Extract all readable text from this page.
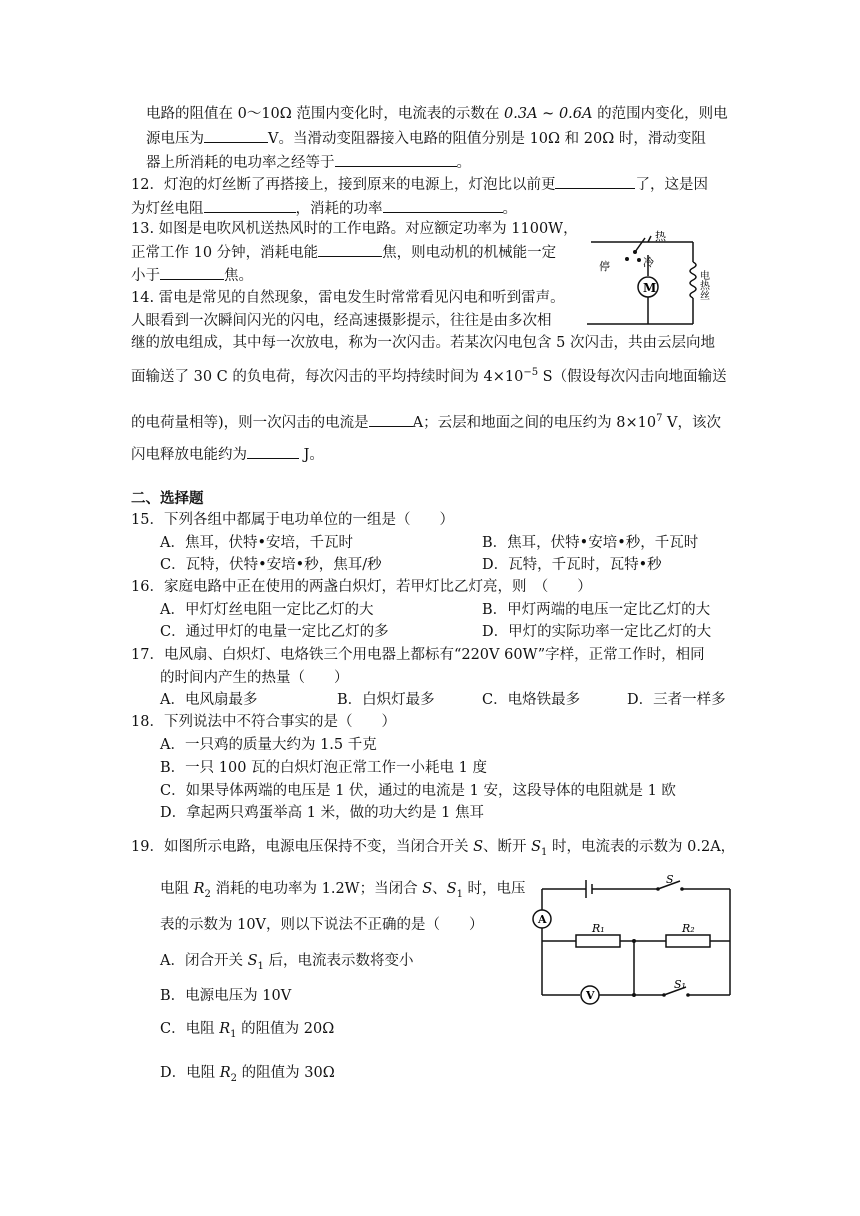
电路的阻值在 0～10Ω 范围内变化时，电流表的示数在 0.3A ~ 0.6A 的范围内变化，则电
源电压为	V。当滑动变阻器接入电路的阻值分别是 10Ω 和 20Ω 时，滑动变阻
器上所消耗的电功率之经等于	。
12．灯泡的灯丝断了再搭接上，接到原来的电源上，灯泡比以前更	了，这是因
为灯丝电阻	，消耗的功率	。
13. 如图是电吹风机送热风时的工作电路。对应额定功率为 1100W，
正常工作 10 分钟，消耗电能	焦，则电动机的机械能一定
小于	焦。
热
冷
停
M	电热丝
14. 雷电是常见的自然现象，雷电发生时常常看见闪电和听到雷声。
人眼看到一次瞬间闪光的闪电，经高速摄影提示，往往是由多次相
继的放电组成，其中每一次放电，称为一次闪击。若某次闪电包含 5 次闪击，共由云层向地
面输送了 30 C 的负电荷，每次闪击的平均持续时间为 $4\times 10^{-5}$ S（假设每次闪击向地面输送
的电荷量相等)，则一次闪击的电流是	A；云层和地面之间的电压约为 $8\times 10^7$ V，该次
闪电释放电能约为	J。
二、选择题
15．下列各组中都属于电功单位的一组是（　　）
A．焦耳，伏特•安培，千瓦时	B．焦耳，伏特•安培•秒，千瓦时
C．瓦特，伏特•安培•秒，焦耳/秒	D．瓦特，千瓦时，瓦特•秒
16．家庭电路中正在使用的两盏白炽灯，若甲灯比乙灯亮，则　（　　）
A．甲灯灯丝电阻一定比乙灯的大	B．甲灯两端的电压一定比乙灯的大
C．通过甲灯的电量一定比乙灯的多	D．甲灯的实际功率一定比乙灯的大
17．电风扇、白炽灯、电烙铁三个用电器上都标有“220V 60W”字样，正常工作时，相同
的时间内产生的热量（　　）
A．电风扇最多	B．白炽灯最多	C．电烙铁最多	D．三者一样多
18．下列说法中不符合事实的是（　　）
A．一只鸡的质量大约为 1.5 千克
B．一只 100 瓦的白炽灯泡正常工作一小耗电 1 度
C．如果导体两端的电压是 1 伏，通过的电流是 1 安，这段导体的电阻就是 1 欧
D．拿起两只鸡蛋举高 1 米，做的功大约是 1 焦耳
19．如图所示电路，电源电压保持不变，当闭合开关 S、断开 $S_1$ 时，电流表的示数为 0.2A，
电阻 $R_2$ 消耗的电功率为 1.2W；当闭合 S、$S_1$ 时，电压
表的示数为 10V，则以下说法不正确的是（　　）
A．闭合开关 $S_1$ 后，电流表示数将变小
B．电源电压为 10V
C．电阻 $R_1$ 的阻值为 20Ω
D．电阻 $R_2$ 的阻值为 30Ω
A
V
R₁	R₂
S
S₁
